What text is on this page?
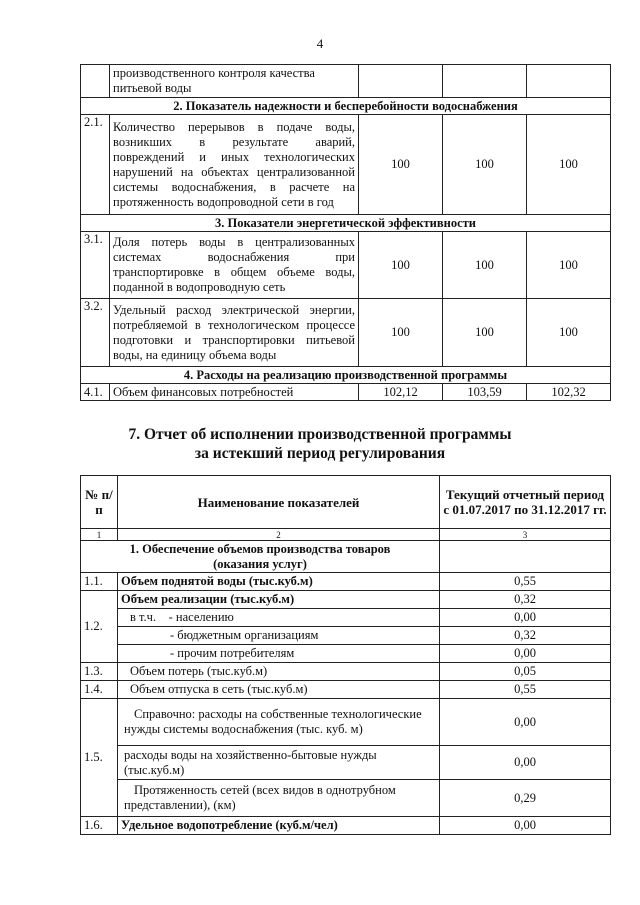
4
	производственного контроля качества питьевой воды			
2. Показатель надежности и бесперебойности водоснабжения				
2.1.	Количество перерывов в подаче воды, возникших в результате аварий, повреждений и иных технологических нарушений на объектах централизованной системы водоснабжения, в расчете на протяженность водопроводной сети в год	100	100	100
3. Показатели энергетической эффективности				
3.1.	Доля потерь воды в централизованных системах водоснабжения при транспортировке в общем объеме воды, поданной в водопроводную сеть	100	100	100
3.2.	Удельный расход электрической энергии, потребляемой в технологическом процессе подготовки и транспортировки питьевой воды, на единицу объема воды	100	100	100
4. Расходы на реализацию производственной программы				
4.1.	Объем финансовых потребностей	102,12	103,59	102,32
7. Отчет об исполнении производственной программы
за истекший период регулирования
№ п/п	Наименование показателей	Текущий отчетный период с 01.07.2017 по 31.12.2017 гг.
1	2	3
1. Обеспечение объемов производства товаров (оказания услуг)		
1.1.	Объем поднятой воды (тыс.куб.м)	0,55
1.2.	Объем реализации (тыс.куб.м)	0,32
	в т.ч. - населению	0,00
	- бюджетным организациям	0,32
	- прочим потребителям	0,00
1.3.	Объем потерь (тыс.куб.м)	0,05
1.4.	Объем отпуска в сеть (тыс.куб.м)	0,55
1.5.	Справочно: расходы на собственные технологические нужды системы водоснабжения (тыс. куб. м)	0,00
	расходы воды на хозяйственно-бытовые нужды (тыс.куб.м)	0,00
	Протяженность сетей (всех видов в однотрубном представлении), (км)	0,29
1.6.	Удельное водопотребление (куб.м/чел)	0,00
